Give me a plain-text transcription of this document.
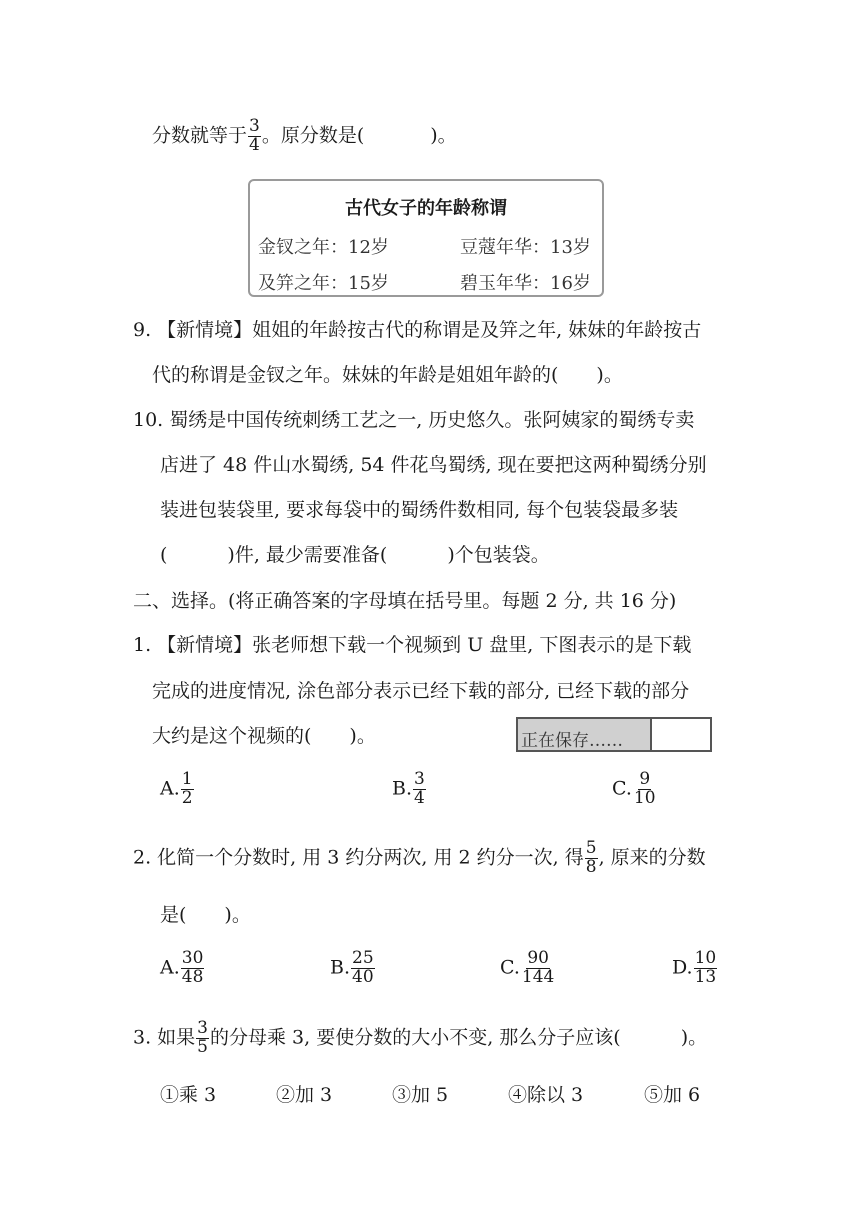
分数就等于 $\frac{3}{4}$ 。原分数是(	)。
古代女子的年龄称谓
金钗之年：12岁	豆蔻年华：13岁
及笄之年：15岁	碧玉年华：16岁
9. 【新情境】姐姐的年龄按古代的称谓是及笄之年, 妹妹的年龄按古
代的称谓是金钗之年。妹妹的年龄是姐姐年龄的(　　)。
10. 蜀绣是中国传统刺绣工艺之一, 历史悠久。张阿姨家的蜀绣专卖
店进了 48 件山水蜀绣, 54 件花鸟蜀绣, 现在要把这两种蜀绣分别
装进包装袋里, 要求每袋中的蜀绣件数相同, 每个包装袋最多装
(	)件, 最少需要准备(	)个包装袋。
二、选择。(将正确答案的字母填在括号里。每题 2 分, 共 16 分)
1. 【新情境】张老师想下载一个视频到 U 盘里, 下图表示的是下载
完成的进度情况, 涂色部分表示已经下载的部分, 已经下载的部分
大约是这个视频的(　　)。	正在保存……
A. $\frac{1}{2}$	B. $\frac{3}{4}$	C. $\frac{9}{10}$
2. 化简一个分数时, 用 3 约分两次, 用 2 约分一次, 得 $\frac{5}{8}$ , 原来的分数
是(　　)。
A. $\frac{30}{48}$	B. $\frac{25}{40}$	C. $\frac{90}{144}$	D. $\frac{10}{13}$
3. 如果 $\frac{3}{5}$ 的分母乘 3, 要使分数的大小不变, 那么分子应该(	)。
①乘 3	②加 3	③加 5	④除以 3	⑤加 6
